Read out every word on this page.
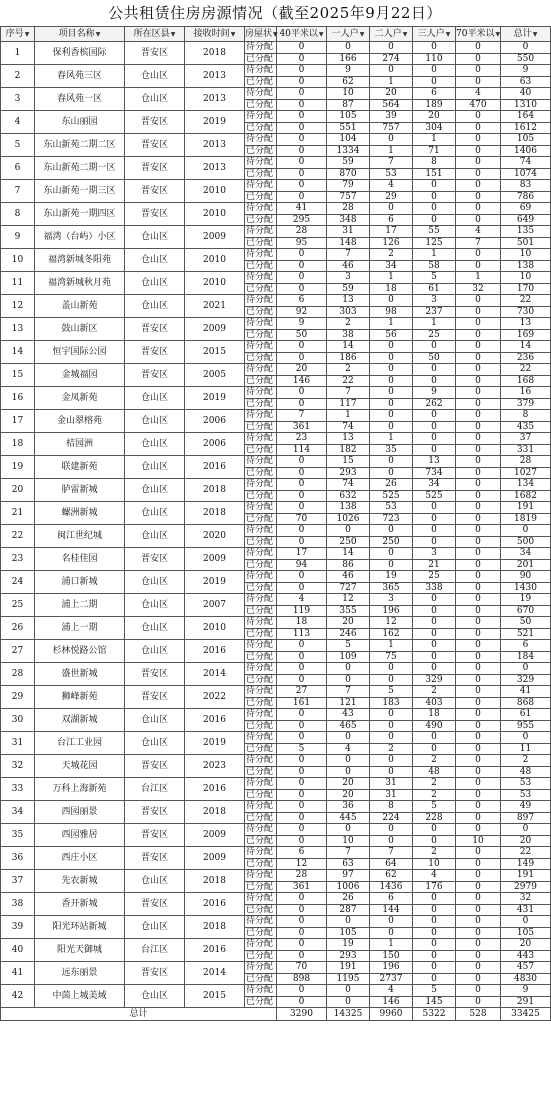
公共租赁住房房源情况（截至2025年9月22日）
序号▼	项目名称▼	所在区县▼	接收时间▼	房屋状▼	40平米以▼	一人户▼	二人户▼	三人户▼	70平米以▼	总计▼
1	保利香槟国际	晋安区	2018	待分配	0	0	0	0	0	0
				已分配	0	166	274	110	0	550
2	春风苑三区	仓山区	2013	待分配	0	9	0	0	0	9
				已分配	0	62	1	0	0	63
3	春风苑一区	仓山区	2013	待分配	0	10	20	6	4	40
				已分配	0	87	564	189	470	1310
4	东山丽园	晋安区	2019	待分配	0	105	39	20	0	164
				已分配	0	551	757	304	0	1612
5	东山新苑二期二区	晋安区	2013	待分配	0	104	0	1	0	105
				已分配	0	1334	1	71	0	1406
6	东山新苑二期一区	晋安区	2013	待分配	0	59	7	8	0	74
				已分配	0	870	53	151	0	1074
7	东山新苑一期三区	晋安区	2010	待分配	0	79	4	0	0	83
				已分配	0	757	29	0	0	786
8	东山新苑一期四区	晋安区	2010	待分配	41	28	0	0	0	69
				已分配	295	348	6	0	0	649
9	福湾（台屿）小区	仓山区	2009	待分配	28	31	17	55	4	135
				已分配	95	148	126	125	7	501
10	福湾新城冬阳苑	仓山区	2010	待分配	0	7	2	1	0	10
				已分配	0	46	34	58	0	138
11	福湾新城秋月苑	仓山区	2010	待分配	0	3	1	5	1	10
				已分配	0	59	18	61	32	170
12	盖山新苑	仓山区	2021	待分配	6	13	0	3	0	22
				已分配	92	303	98	237	0	730
13	鼓山新区	晋安区	2009	待分配	9	2	1	1	0	13
				已分配	50	38	56	25	0	169
14	恒宇国际公园	晋安区	2015	待分配	0	14	0	0	0	14
				已分配	0	186	0	50	0	236
15	金城福园	晋安区	2005	待分配	20	2	0	0	0	22
				已分配	146	22	0	0	0	168
16	金凤新苑	仓山区	2019	待分配	0	7	0	9	0	16
				已分配	0	117	0	262	0	379
17	金山翠榕苑	仓山区	2006	待分配	7	1	0	0	0	8
				已分配	361	74	0	0	0	435
18	桔园洲	仓山区	2006	待分配	23	13	1	0	0	37
				已分配	114	182	35	0	0	331
19	联建新苑	仓山区	2016	待分配	0	15	0	13	0	28
				已分配	0	293	0	734	0	1027
20	胪雷新城	仓山区	2018	待分配	0	74	26	34	0	134
				已分配	0	632	525	525	0	1682
21	螺洲新城	仓山区	2018	待分配	0	138	53	0	0	191
				已分配	70	1026	723	0	0	1819
22	闽江世纪城	仓山区	2020	待分配	0	0	0	0	0	0
				已分配	0	250	250	0	0	500
23	名桂佳园	晋安区	2009	待分配	17	14	0	3	0	34
				已分配	94	86	0	21	0	201
24	浦口新城	仓山区	2019	待分配	0	46	19	25	0	90
				已分配	0	727	365	338	0	1430
25	浦上二期	仓山区	2007	待分配	4	12	3	0	0	19
				已分配	119	355	196	0	0	670
26	浦上一期	仓山区	2010	待分配	18	20	12	0	0	50
				已分配	113	246	162	0	0	521
27	杉林悦路公馆	仓山区	2016	待分配	0	5	1	0	0	6
				已分配	0	109	75	0	0	184
28	盛世新城	晋安区	2014	待分配	0	0	0	0	0	0
				已分配	0	0	0	329	0	329
29	狮峰新苑	晋安区	2022	待分配	27	7	5	2	0	41
				已分配	161	121	183	403	0	868
30	双湖新城	仓山区	2016	待分配	0	43	0	18	0	61
				已分配	0	465	0	490	0	955
31	台江工业园	仓山区	2019	待分配	0	0	0	0	0	0
				已分配	5	4	2	0	0	11
32	天城花园	晋安区	2023	待分配	0	0	0	2	0	2
				已分配	0	0	0	48	0	48
33	万科上海新苑	台江区	2016	待分配	0	20	31	2	0	53
				已分配	0	20	31	2	0	53
34	西园丽景	晋安区	2018	待分配	0	36	8	5	0	49
				已分配	0	445	224	228	0	897
35	西园雅居	晋安区	2009	待分配	0	0	0	0	0	0
				已分配	0	10	0	0	10	20
36	西庄小区	晋安区	2009	待分配	6	7	7	2	0	22
				已分配	12	63	64	10	0	149
37	先农新城	仓山区	2018	待分配	28	97	62	4	0	191
				已分配	361	1006	1436	176	0	2979
38	香开新城	晋安区	2016	待分配	0	26	6	0	0	32
				已分配	0	287	144	0	0	431
39	阳光环站新城	仓山区	2018	待分配	0	0	0	0	0	0
				已分配	0	105	0	0	0	105
40	阳光天御城	台江区	2016	待分配	0	19	1	0	0	20
				已分配	0	293	150	0	0	443
41	远东丽景	晋安区	2014	待分配	70	191	196	0	0	457
				已分配	898	1195	2737	0	0	4830
42	中茵上城美域	仓山区	2015	待分配	0	0	4	5	0	9
				已分配	0	0	146	145	0	291
总计					3290	14325	9960	5322	528	33425
